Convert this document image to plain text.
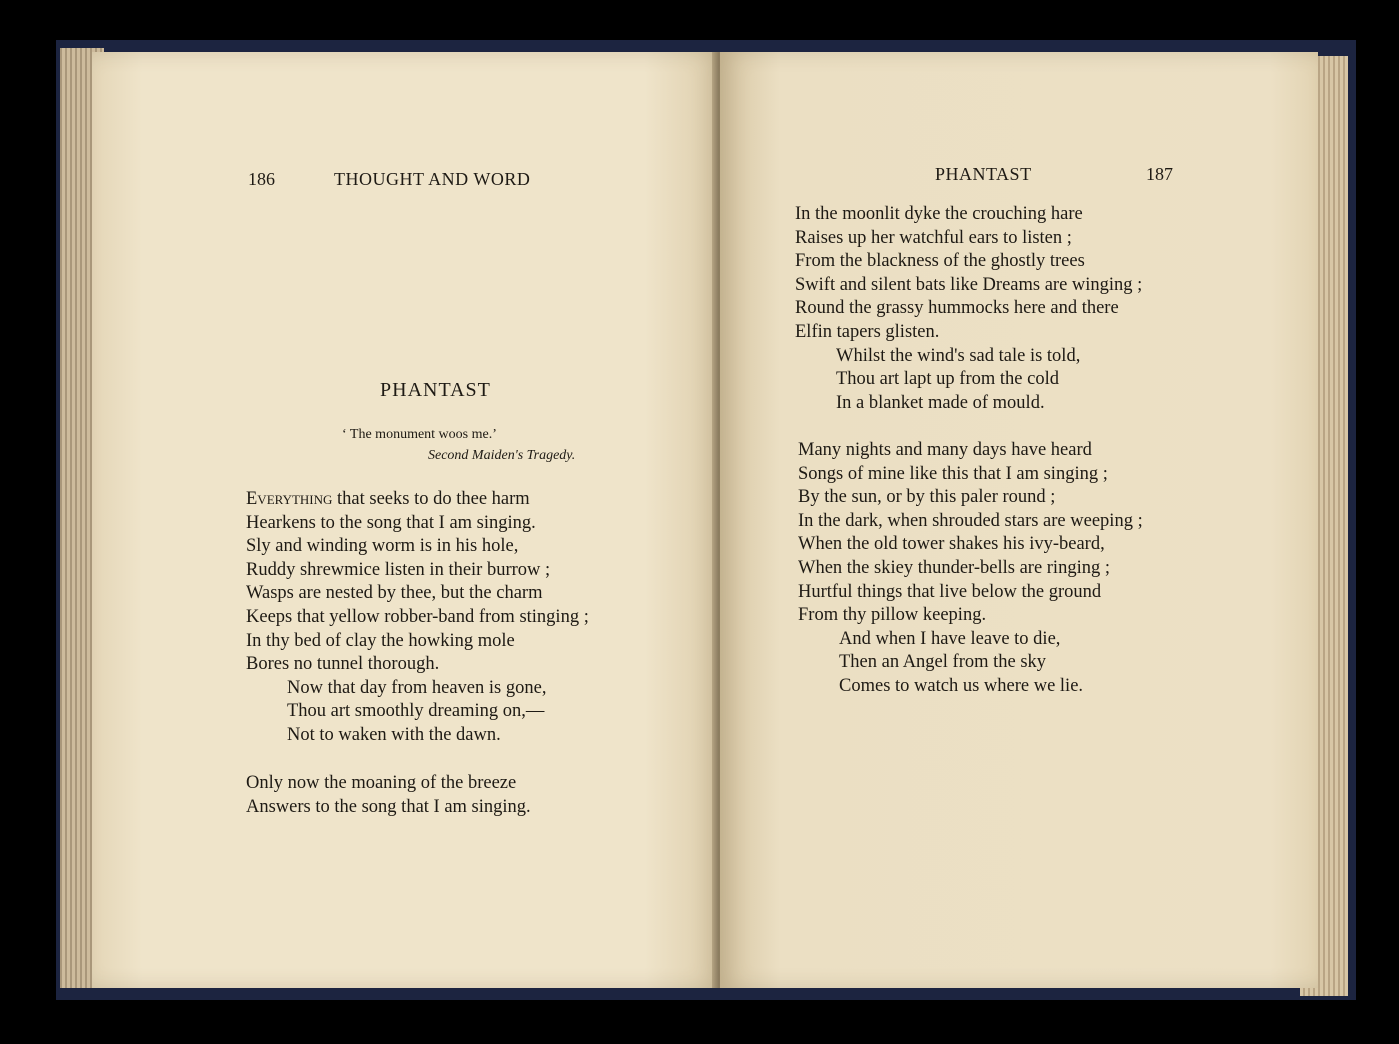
186	THOUGHT AND WORD
PHANTAST
‘ The monument woos me.’
Second Maiden's Tragedy.
Everything that seeks to do thee harm
Hearkens to the song that I am singing.
Sly and winding worm is in his hole,
Ruddy shrewmice listen in their burrow ;
Wasps are nested by thee, but the charm
Keeps that yellow robber-band from stinging ;
In thy bed of clay the howking mole
Bores no tunnel thorough.
Now that day from heaven is gone,
Thou art smoothly dreaming on,—
Not to waken with the dawn.
Only now the moaning of the breeze
Answers to the song that I am singing.
PHANTAST	187
In the moonlit dyke the crouching hare
Raises up her watchful ears to listen ;
From the blackness of the ghostly trees
Swift and silent bats like Dreams are winging ;
Round the grassy hummocks here and there
Elfin tapers glisten.
Whilst the wind's sad tale is told,
Thou art lapt up from the cold
In a blanket made of mould.
Many nights and many days have heard
Songs of mine like this that I am singing ;
By the sun, or by this paler round ;
In the dark, when shrouded stars are weeping ;
When the old tower shakes his ivy-beard,
When the skiey thunder-bells are ringing ;
Hurtful things that live below the ground
From thy pillow keeping.
And when I have leave to die,
Then an Angel from the sky
Comes to watch us where we lie.
